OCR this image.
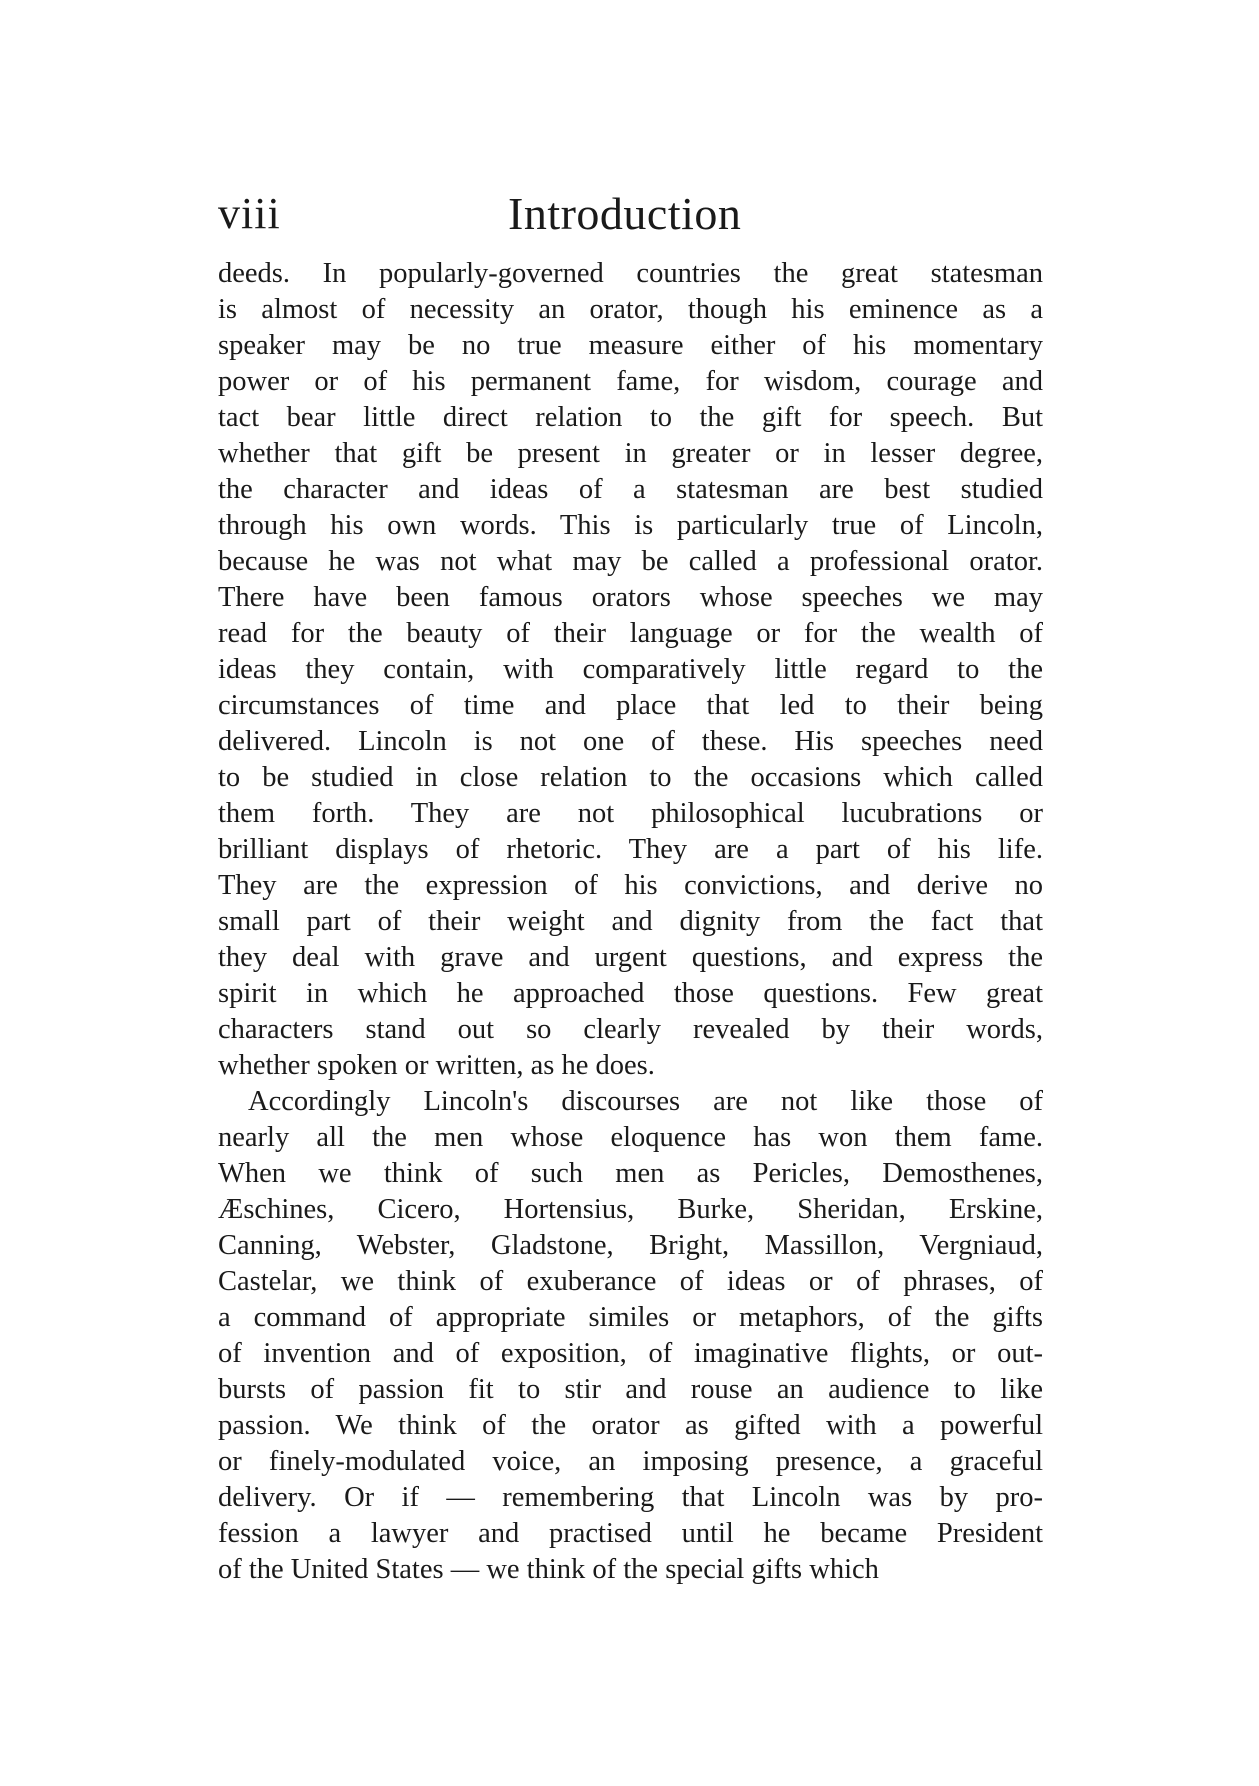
viii	Introduction
deeds. In popularly-governed countries the great statesman
is almost of necessity an orator, though his eminence as a
speaker may be no true measure either of his momentary
power or of his permanent fame, for wisdom, courage and
tact bear little direct relation to the gift for speech. But
whether that gift be present in greater or in lesser degree,
the character and ideas of a statesman are best studied
through his own words. This is particularly true of Lincoln,
because he was not what may be called a professional orator.
There have been famous orators whose speeches we may
read for the beauty of their language or for the wealth of
ideas they contain, with comparatively little regard to the
circumstances of time and place that led to their being
delivered. Lincoln is not one of these. His speeches need
to be studied in close relation to the occasions which called
them forth. They are not philosophical lucubrations or
brilliant displays of rhetoric. They are a part of his life.
They are the expression of his convictions, and derive no
small part of their weight and dignity from the fact that
they deal with grave and urgent questions, and express the
spirit in which he approached those questions. Few great
characters stand out so clearly revealed by their words,
whether spoken or written, as he does.
Accordingly Lincoln's discourses are not like those of
nearly all the men whose eloquence has won them fame.
When we think of such men as Pericles, Demosthenes,
Æschines, Cicero, Hortensius, Burke, Sheridan, Erskine,
Canning, Webster, Gladstone, Bright, Massillon, Vergniaud,
Castelar, we think of exuberance of ideas or of phrases, of
a command of appropriate similes or metaphors, of the gifts
of invention and of exposition, of imaginative flights, or out-
bursts of passion fit to stir and rouse an audience to like
passion. We think of the orator as gifted with a powerful
or finely-modulated voice, an imposing presence, a graceful
delivery. Or if — remembering that Lincoln was by pro-
fession a lawyer and practised until he became President
of the United States — we think of the special gifts which
